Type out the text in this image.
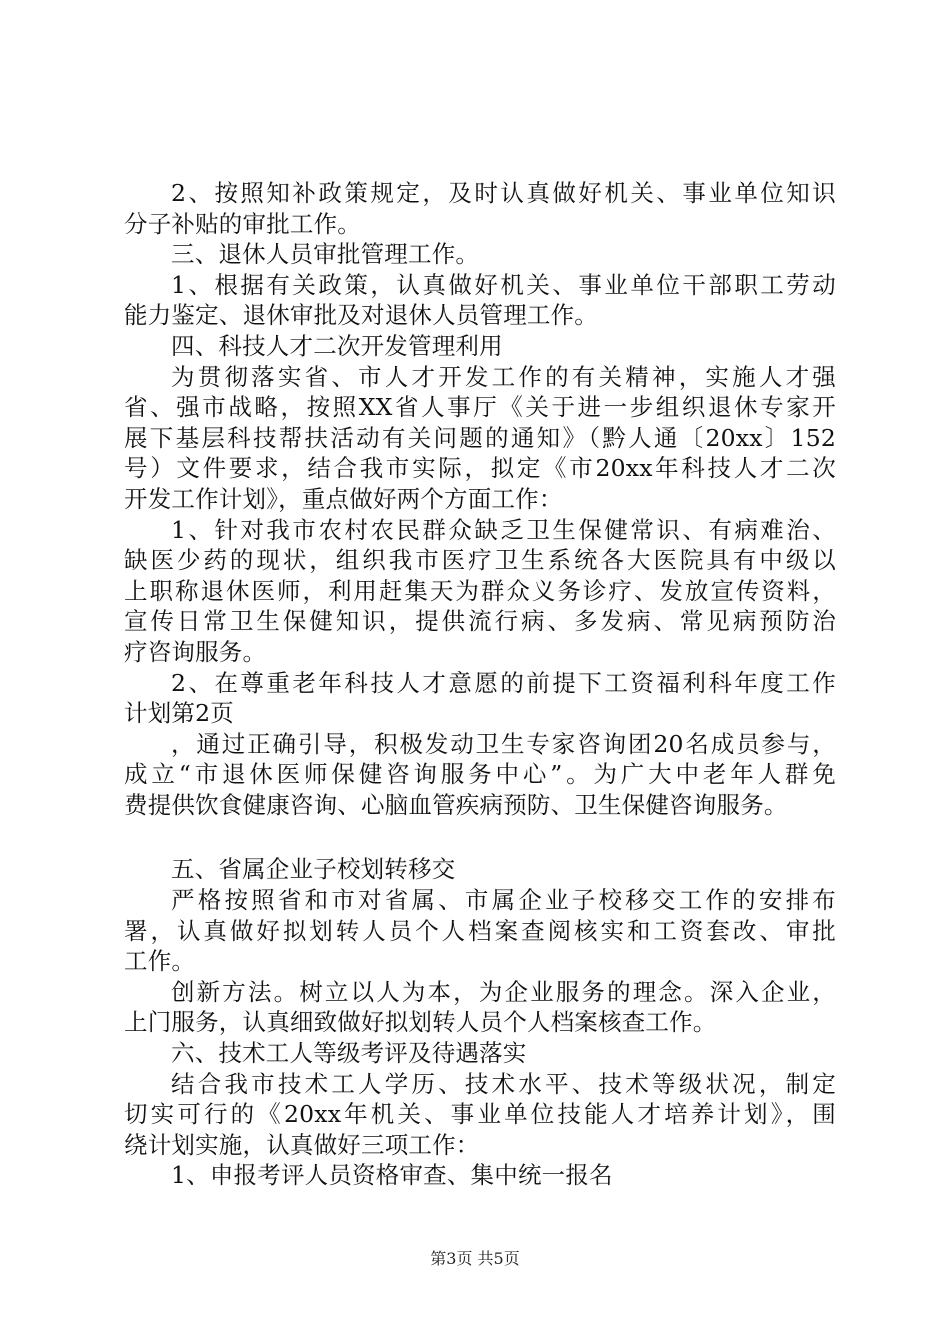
2、按照知补政策规定，及时认真做好机关、事业单位知识
分子补贴的审批工作。
三、退休人员审批管理工作。
1、根据有关政策，认真做好机关、事业单位干部职工劳动
能力鉴定、退休审批及对退休人员管理工作。
四、科技人才二次开发管理利用
为贯彻落实省、市人才开发工作的有关精神，实施人才强
省、强市战略，按照XX省人事厅《关于进一步组织退休专家开
展下基层科技帮扶活动有关问题的通知》（黔人通〔20xx〕152
号）文件要求，结合我市实际，拟定《市20xx年科技人才二次
开发工作计划》，重点做好两个方面工作：
1、针对我市农村农民群众缺乏卫生保健常识、有病难治、
缺医少药的现状，组织我市医疗卫生系统各大医院具有中级以
上职称退休医师，利用赶集天为群众义务诊疗、发放宣传资料，
宣传日常卫生保健知识，提供流行病、多发病、常见病预防治
疗咨询服务。
2、在尊重老年科技人才意愿的前提下工资福利科年度工作
计划第2页
，通过正确引导，积极发动卫生专家咨询团20名成员参与，
成立“市退休医师保健咨询服务中心”。为广大中老年人群免
费提供饮食健康咨询、心脑血管疾病预防、卫生保健咨询服务。
五、省属企业子校划转移交
严格按照省和市对省属、市属企业子校移交工作的安排布
署，认真做好拟划转人员个人档案查阅核实和工资套改、审批
工作。
创新方法。树立以人为本，为企业服务的理念。深入企业，
上门服务，认真细致做好拟划转人员个人档案核查工作。
六、技术工人等级考评及待遇落实
结合我市技术工人学历、技术水平、技术等级状况，制定
切实可行的《20xx年机关、事业单位技能人才培养计划》，围
绕计划实施，认真做好三项工作：
1、申报考评人员资格审查、集中统一报名
第3页 共5页
